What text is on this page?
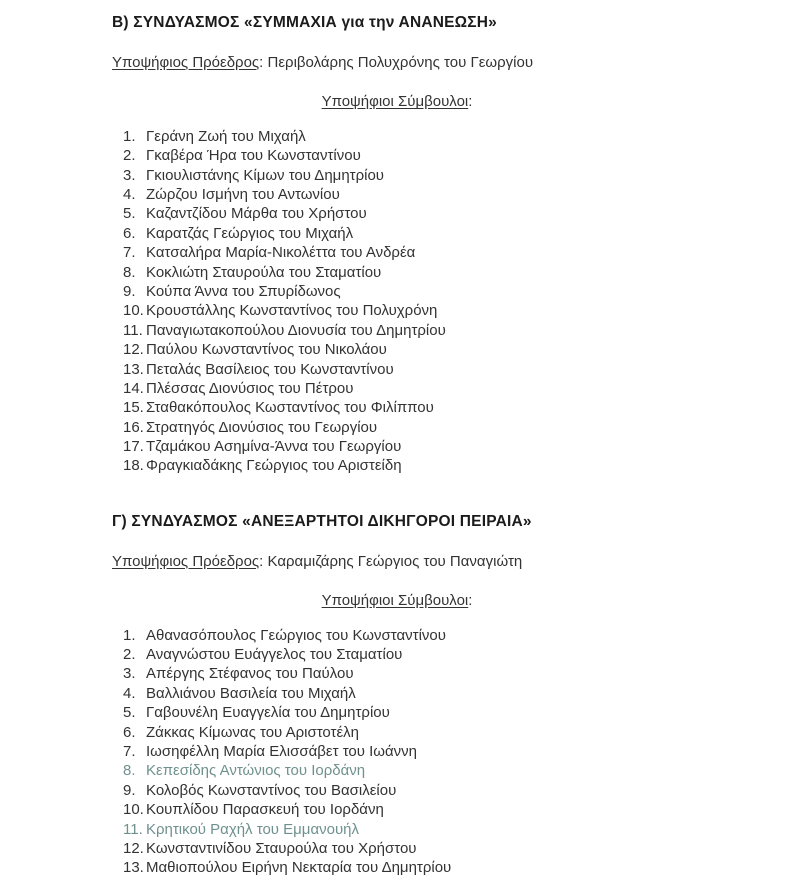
Β) ΣΥΝΔΥΑΣΜΟΣ «ΣΥΜΜΑΧΙΑ για την ΑΝΑΝΕΩΣΗ»

Υποψήφιος Πρόεδρος: Περιβολάρης Πολυχρόνης του Γεωργίου

Υποψήφιοι Σύμβουλοι:

1. Γεράνη Ζωή του Μιχαήλ
2. Γκαβέρα Ήρα του Κωνσταντίνου
3. Γκιουλιστάνης Κίμων του Δημητρίου
4. Ζώρζου Ισμήνη του Αντωνίου
5. Καζαντζίδου Μάρθα του Χρήστου
6. Καρατζάς Γεώργιος του Μιχαήλ
7. Κατσαλήρα Μαρία-Νικολέττα του Ανδρέα
8. Κοκλιώτη Σταυρούλα του Σταματίου
9. Κούπα Άννα του Σπυρίδωνος
10. Κρουστάλλης Κωνσταντίνος του Πολυχρόνη
11. Παναγιωτακοπούλου Διονυσία του Δημητρίου
12. Παύλου Κωνσταντίνος του Νικολάου
13. Πεταλάς Βασίλειος του Κωνσταντίνου
14. Πλέσσας Διονύσιος του Πέτρου
15. Σταθακόπουλος Κωσταντίνος του Φιλίππου
16. Στρατηγός Διονύσιος του Γεωργίου
17. Τζαμάκου Ασημίνα-Άννα του Γεωργίου
18. Φραγκιαδάκης Γεώργιος του Αριστείδη
Γ) ΣΥΝΔΥΑΣΜΟΣ «ΑΝΕΞΑΡΤΗΤΟΙ ΔΙΚΗΓΟΡΟΙ ΠΕΙΡΑΙΑ»

Υποψήφιος Πρόεδρος: Καραμιζάρης Γεώργιος του Παναγιώτη

Υποψήφιοι Σύμβουλοι:

1. Αθανασόπουλος Γεώργιος του Κωνσταντίνου
2. Αναγνώστου Ευάγγελος του Σταματίου
3. Απέργης Στέφανος του Παύλου
4. Βαλλιάνου Βασιλεία του Μιχαήλ
5. Γαβουνέλη Ευαγγελία του Δημητρίου
6. Ζάκκας Κίμωνας του Αριστοτέλη
7. Ιωσηφέλλη Μαρία Ελισσάβετ του Ιωάννη
8. Κεπεσίδης Αντώνιος του Ιορδάνη
9. Κολοβός Κωνσταντίνος του Βασιλείου
10. Κουπλίδου Παρασκευή του Ιορδάνη
11. Κρητικού Ραχήλ του Εμμανουήλ
12. Κωνσταντινίδου Σταυρούλα του Χρήστου
13. Μαθιοπούλου Ειρήνη Νεκταρία του Δημητρίου
